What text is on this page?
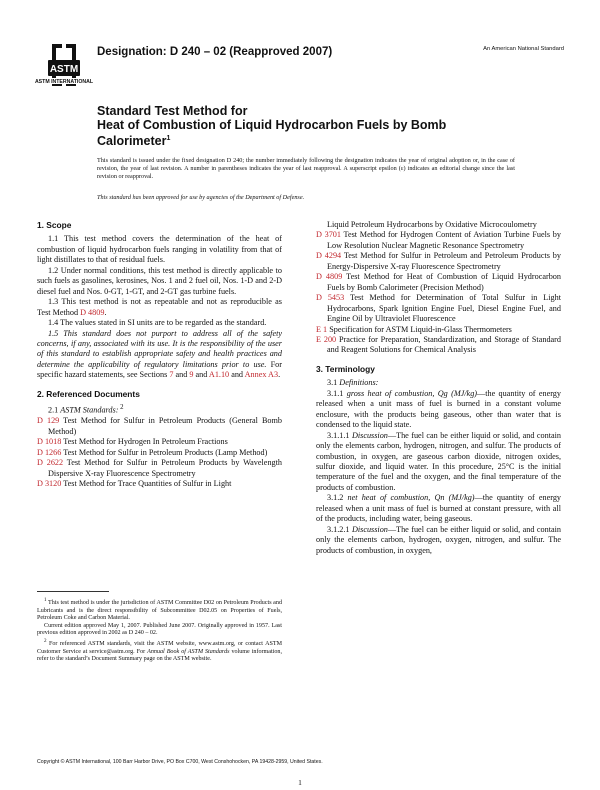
ASTM
ASTM INTERNATIONAL
Designation: D 240 – 02 (Reapproved 2007)	An American National Standard
Standard Test Method for
Heat of Combustion of Liquid Hydrocarbon Fuels by Bomb Calorimeter$^1$
This standard is issued under the fixed designation D 240; the number immediately following the designation indicates the year of original adoption or, in the case of revision, the year of last revision. A number in parentheses indicates the year of last reapproval. A superscript epsilon (ε) indicates an editorial change since the last revision or reapproval.
This standard has been approved for use by agencies of the Department of Defense.
1. Scope

1.1 This test method covers the determination of the heat of combustion of liquid hydrocarbon fuels ranging in volatility from that of light distillates to that of residual fuels.

1.2 Under normal conditions, this test method is directly applicable to such fuels as gasolines, kerosines, Nos. 1 and 2 fuel oil, Nos. 1-D and 2-D diesel fuel and Nos. 0-GT, 1-GT, and 2-GT gas turbine fuels.

1.3 This test method is not as repeatable and not as reproducible as Test Method D 4809.

1.4 The values stated in SI units are to be regarded as the standard.

1.5 This standard does not purport to address all of the safety concerns, if any, associated with its use. It is the responsibility of the user of this standard to establish appropriate safety and health practices and determine the applicability of regulatory limitations prior to use. For specific hazard statements, see Sections 7 and 9 and A1.10 and Annex A3.

2. Referenced Documents

2.1 ASTM Standards: $^2$

D 129 Test Method for Sulfur in Petroleum Products (General Bomb Method)

D 1018 Test Method for Hydrogen In Petroleum Fractions

D 1266 Test Method for Sulfur in Petroleum Products (Lamp Method)

D 2622 Test Method for Sulfur in Petroleum Products by Wavelength Dispersive X-ray Fluorescence Spectrometry

D 3120 Test Method for Trace Quantities of Sulfur in Light

Liquid Petroleum Hydrocarbons by Oxidative Microcoulometry

D 3701 Test Method for Hydrogen Content of Aviation Turbine Fuels by Low Resolution Nuclear Magnetic Resonance Spectrometry

D 4294 Test Method for Sulfur in Petroleum and Petroleum Products by Energy-Dispersive X-ray Fluorescence Spectrometry

D 4809 Test Method for Heat of Combustion of Liquid Hydrocarbon Fuels by Bomb Calorimeter (Precision Method)

D 5453 Test Method for Determination of Total Sulfur in Light Hydrocarbons, Spark Ignition Engine Fuel, Diesel Engine Fuel, and Engine Oil by Ultraviolet Fluorescence

E 1 Specification for ASTM Liquid-in-Glass Thermometers

E 200 Practice for Preparation, Standardization, and Storage of Standard and Reagent Solutions for Chemical Analysis

3. Terminology

3.1 Definitions:

3.1.1 gross heat of combustion, Qg (MJ/kg)—the quantity of energy released when a unit mass of fuel is burned in a constant volume enclosure, with the products being gaseous, other than water that is condensed to the liquid state.

3.1.1.1 Discussion—The fuel can be either liquid or solid, and contain only the elements carbon, hydrogen, nitrogen, and sulfur. The products of combustion, in oxygen, are gaseous carbon dioxide, nitrogen oxides, sulfur dioxide, and liquid water. In this procedure, 25°C is the initial temperature of the fuel and the oxygen, and the final temperature of the products of combustion.

3.1.2 net heat of combustion, Qn (MJ/kg)—the quantity of energy released when a unit mass of fuel is burned at constant pressure, with all of the products, including water, being gaseous.

3.1.2.1 Discussion—The fuel can be either liquid or solid, and contain only the elements carbon, hydrogen, oxygen, nitrogen, and sulfur. The products of combustion, in oxygen,

$^1$ This test method is under the jurisdiction of ASTM Committee D02 on Petroleum Products and Lubricants and is the direct responsibility of Subcommittee D02.05 on Properties of Fuels, Petroleum Coke and Carbon Material.

Current edition approved May 1, 2007. Published June 2007. Originally approved in 1957. Last previous edition approved in 2002 as D 240 – 02.

$^2$ For referenced ASTM standards, visit the ASTM website, www.astm.org, or contact ASTM Customer Service at service@astm.org. For Annual Book of ASTM Standards volume information, refer to the standard’s Document Summary page on the ASTM website.

Copyright © ASTM International, 100 Barr Harbor Drive, PO Box C700, West Conshohocken, PA 19428-2959, United States.
1
